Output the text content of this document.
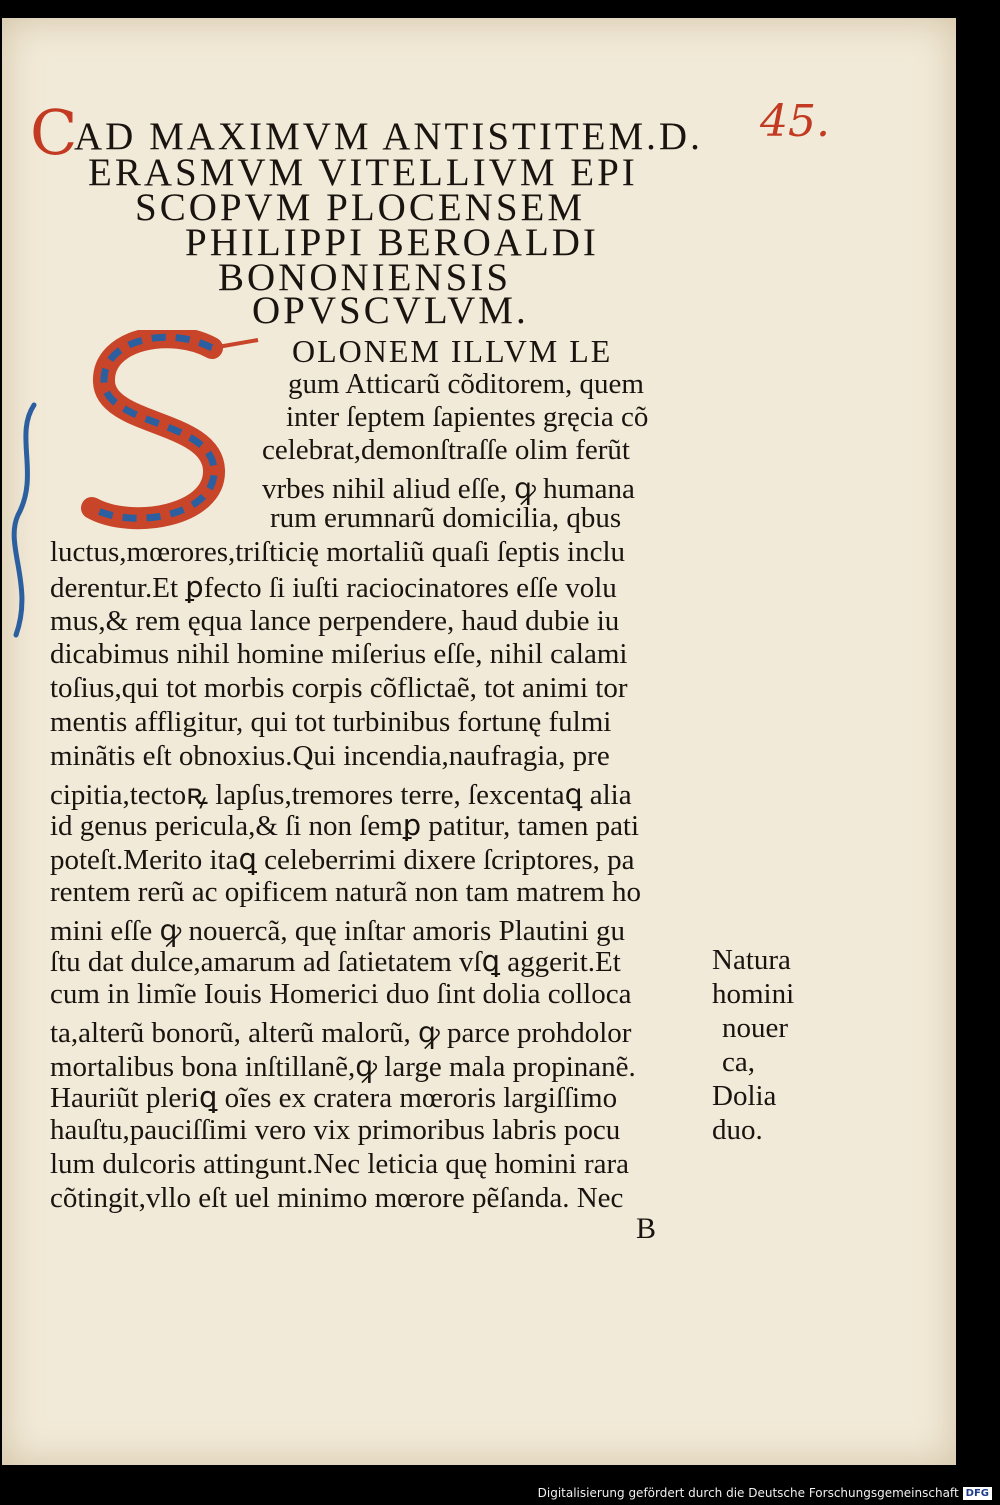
C	45.

AD MAXIMVM ANTISTITEM.D.

ERASMVM VITELLIVM EPI

SCOPVM PLOCENSEM

PHILIPPI BEROALDI

BONONIENSIS

OPVSCVLVM.

S

OLONEM ILLVM LE

gum Atticarũ cõditorem, quem

inter ſeptem ſapientes gręcia cõ

celebrat,demonſtraſſe olim ferũt

vrbes nihil aliud eſſe, ꝙ humana

rum erumnarũ domicilia, qbus

luctus,mœrores,triſticię mortaliũ quaſi ſeptis inclu

derentur.Et ꝑfecto ſi iuſti raciocinatores eſſe volu

mus,& rem ęqua lance perpendere, haud dubie iu

dicabimus nihil homine miſerius eſſe, nihil calami

toſius,qui tot morbis corpis cõflictaẽ, tot animi tor

mentis affligitur, qui tot turbinibus fortunę fulmi

minãtis eſt obnoxius.Qui incendia,naufragia, pre

cipitia,tectoꝶ lapſus,tremores terre, ſexcentaꝗ alia

id genus pericula,& ſi non ſemꝑ patitur, tamen pati

poteſt.Merito itaꝗ celeberrimi dixere ſcriptores, pa

rentem rerũ ac opificem naturã non tam matrem ho

mini eſſe ꝙ nouercã, quę inſtar amoris Plautini gu

ſtu dat dulce,amarum ad ſatietatem vſꝗ aggerit.Et

cum in limĩe Iouis Homerici duo ſint dolia colloca

ta,alterũ bonorũ, alterũ malorũ, ꝙ parce prohdolor

mortalibus bona inſtillanẽ,ꝙ large mala propinanẽ.

Hauriũt pleriꝗ oĩes ex cratera mœroris largiſſimo

hauſtu,pauciſſimi vero vix primoribus labris pocu

lum dulcoris attingunt.Nec leticia quę homini rara

cõtingit,vllo eſt uel minimo mœrore pẽſanda. Nec

Natura

homini

nouer

ca,

Dolia

duo.

B
Digitalisierung gefördert durch die Deutsche Forschungsgemeinschaft DFG
